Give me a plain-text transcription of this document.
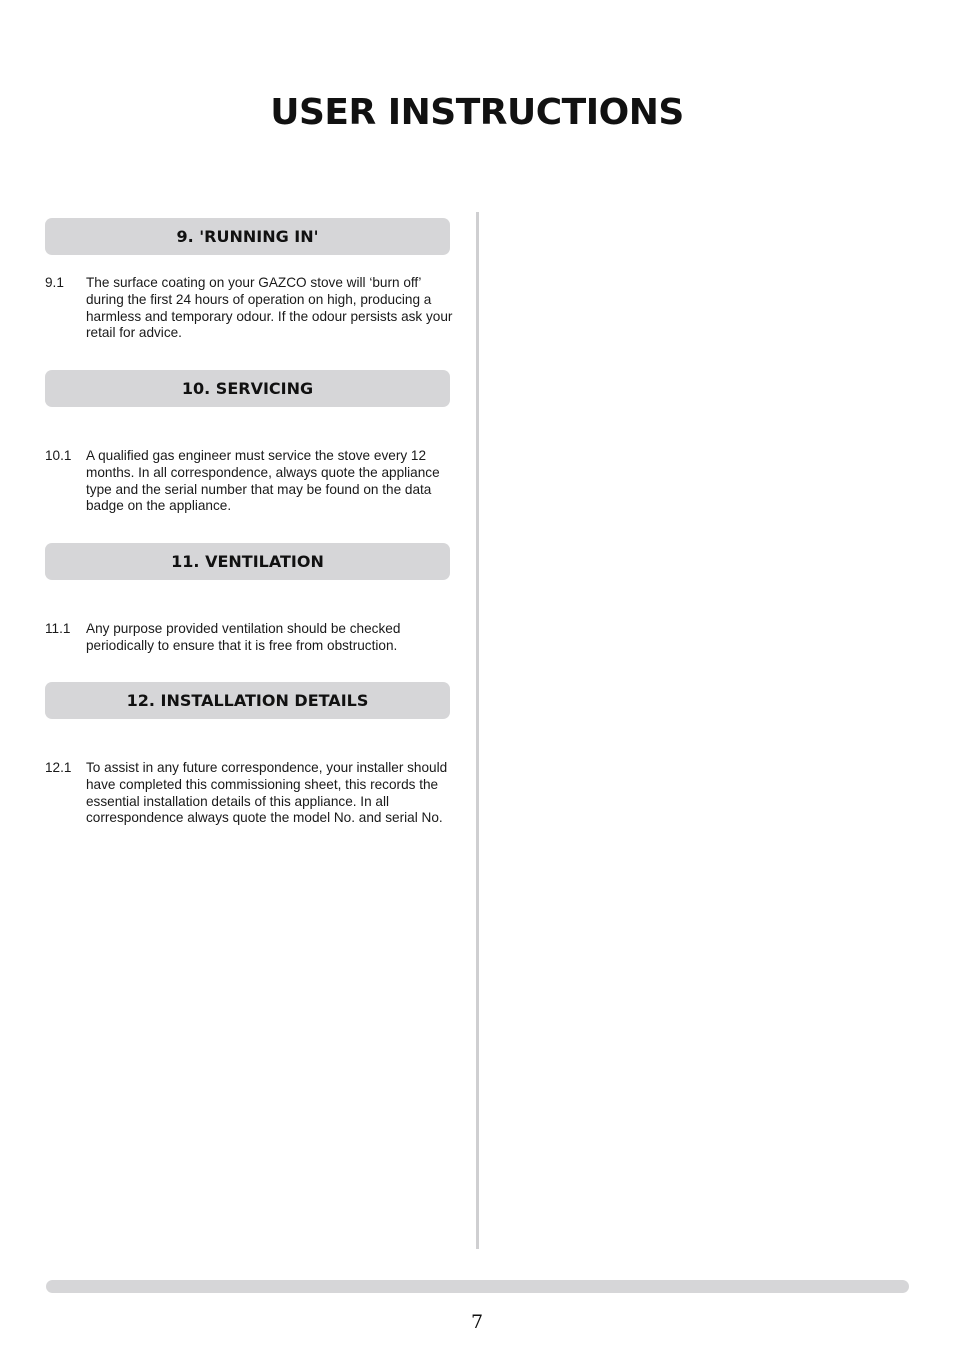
USER INSTRUCTIONS
9. 'RUNNING IN'
9.1 The surface coating on your GAZCO stove will ‘burn off’ during the first 24 hours of operation on high, producing a harmless and temporary odour. If the odour persists ask your retail for advice.
10. SERVICING
10.1 A qualified gas engineer must service the stove every 12 months. In all correspondence, always quote the appliance type and the serial number that may be found on the data badge on the appliance.
11. VENTILATION
11.1 Any purpose provided ventilation should be checked periodically to ensure that it is free from obstruction.
12. INSTALLATION DETAILS
12.1 To assist in any future correspondence, your installer should have completed this commissioning sheet, this records the essential installation details of this appliance. In all correspondence always quote the model No. and serial No.
7
